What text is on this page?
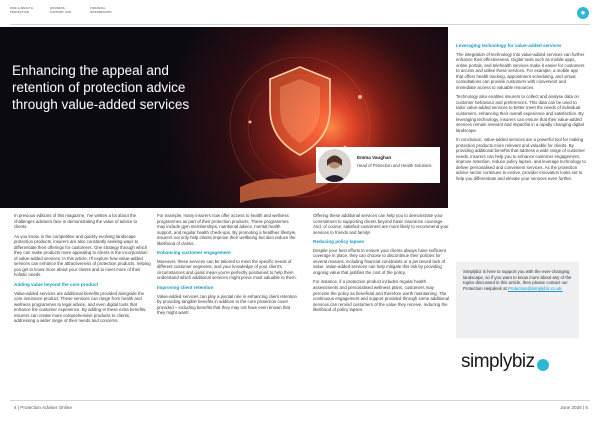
RISK & WEALTH PROTECTION
BUSINESS SUPPORT HUB
FINANCIAL INTERMEDIARY	●
Enhancing the appeal and retention of protection advice through value-added services
Emma Vaughan
Head of Protection and Health Solutions

In previous editions of this magazine, I've written a lot about the challenges advisers face in demonstrating the value of advice to clients.

As you know, in the competitive and quickly evolving landscape protection products, insurers are also constantly seeking ways to differentiate their offerings for customers. One strategy through which they can make products more appealing to clients is the incorporation of value-added services. In this article, I'll explore how value-added services can enhance the attractiveness of protection products, helping you get to know more about your clients and to meet more of their holistic needs.

Adding value beyond the core product

Value-added services are additional benefits provided alongside the core insurance product. These services can range from health and wellness programmes to legal advice, and even digital tools that enhance the customer experience. By adding-in these extra benefits, insurers can create more comprehensive products to clients, addressing a wider range of their needs and concerns.

For example, many insurers now offer access to health and wellness programmes as part of their protection products. These programmes may include gym memberships, nutritional advice, mental health support, and regular health check-ups. By promoting a healthier lifestyle, insurers not only help clients improve their wellbeing but also reduce the likelihood of claims.

Enhancing customer engagement

Moreover, these services can be tailored to meet the specific needs of different customer segments, and your knowledge of your client's circumstances and goals mean you're perfectly positioned to help them understand which additional services might prove most valuable to them.

Improving client retention

Value-added services can play a pivotal role in enhancing client retention by providing tangible benefits in addition to the core protection cover provided – including benefits that they may not have even known that they might want!.

Offering these additional services can help you to demonstrate your commitment to supporting clients beyond basic insurance coverage. And, of course, satisfied customers are more likely to recommend your services to friends and family!

Reducing policy lapses

Despite your best efforts to ensure your clients always have sufficient coverage in place, they can choose to discontinue their policies for several reasons, including financial constraints or a perceived lack of value. Value-added services can help mitigate this risk by providing ongoing value that justifies the cost of the policy.

For instance, if a protection product includes regular health assessments and personalised wellness plans, customers may perceive the policy as beneficial and therefore worth maintaining. The continuous engagement and support provided through some additional services can remind customers of the value they receive, reducing the likelihood of policy lapses.

Leveraging technology for value-added services

The integration of technology into value-added services can further enhance their effectiveness. Digital tools such as mobile apps, online portals, and telehealth services make it easier for customers to access and utilise these services. For example, a mobile app that offers health tracking, appointment scheduling, and virtual consultations can provide customers with convenient and immediate access to valuable resources.

Technology also enables insurers to collect and analyse data on customer behaviour and preferences. This data can be used to tailor value-added services to better meet the needs of individual customers, enhancing their overall experience and satisfaction. By leveraging technology, insurers can ensure that their value-added services remain relevant and impactful in a rapidly changing digital landscape.

In conclusion, value-added services are a powerful tool for making protection products more relevant and valuable for clients. By providing additional benefits that address a wide range of customer needs, insurers can help you to enhance customer engagement, improve retention, reduce policy lapses, and leverage technology to deliver personalised and convenient services. As the protection advice sector continues to evolve, provider innovation looks set to help you differentiate and elevate your services even further.

Simplybiz is here to support you with the ever-changing landscape, so if you want to know more about any of the topics discussed in this article, then please contact our Protection Helpdesk at Protection@simplybiz.co.uk.
simplybiz
4 | Protection Adviser Online	June 2025 | 5
